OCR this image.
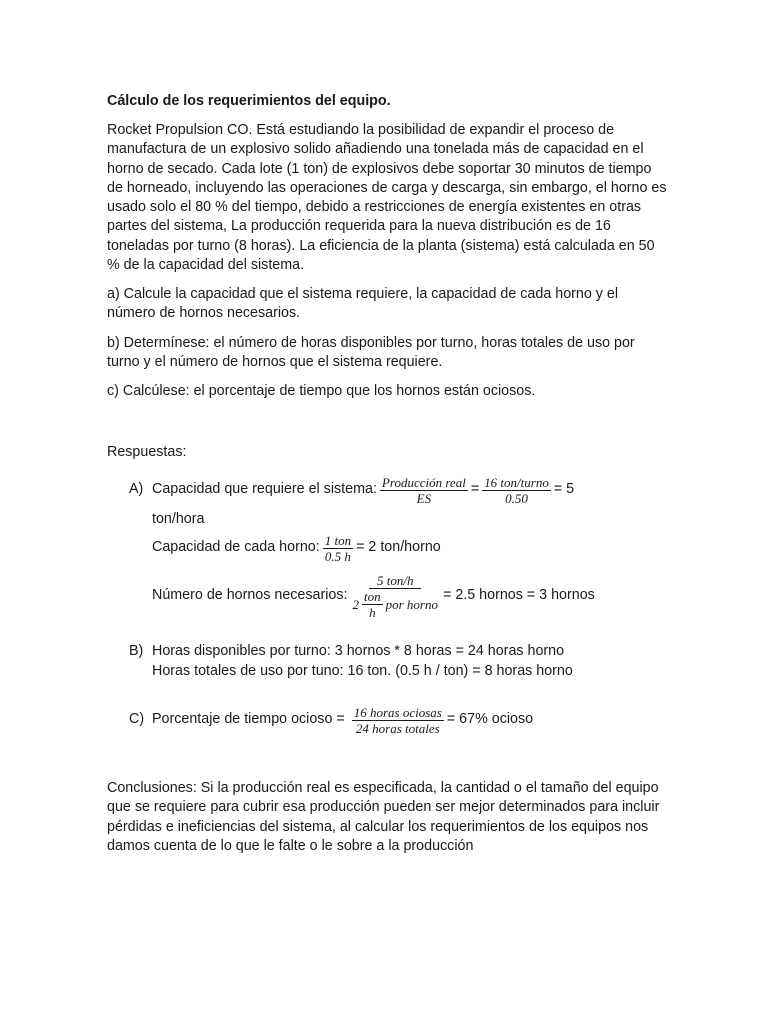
Cálculo de los requerimientos del equipo.

Rocket Propulsion CO. Está estudiando la posibilidad de expandir el proceso de manufactura de un explosivo solido añadiendo una tonelada más de capacidad en el horno de secado. Cada lote (1 ton) de explosivos debe soportar 30 minutos de tiempo de horneado, incluyendo las operaciones de carga y descarga, sin embargo, el horno es usado solo el 80 % del tiempo, debido a restricciones de energía existentes en otras partes del sistema, La producción requerida para la nueva distribución es de 16 toneladas por turno (8 horas). La eficiencia de la planta (sistema) está calculada en 50 % de la capacidad del sistema.

a) Calcule la capacidad que el sistema requiere, la capacidad de cada horno y el número de hornos necesarios.

b) Determínese: el número de horas disponibles por turno, horas totales de uso por turno y el número de hornos que el sistema requiere.

c) Calcúlese: el porcentaje de tiempo que los hornos están ociosos.

Respuestas:

A) Capacidad que requiere el sistema: $\frac{\text{Producción real}}{ES} = \frac{\text{16 ton/turno}}{0.50} = 5$
ton/hora
Capacidad de cada horno: $\frac{\text{1 ton}}{0.5 h} = 2$ ton/horno
Número de hornos necesarios:
5 ton/h
$2 \frac{\text{ton}}{h}$ por horno
= 2.5 hornos = 3 hornos
B) Horas disponibles por turno: 3 hornos * 8 horas = 24 horas horno
Horas totales de uso por tuno: 16 ton. (0.5 h / ton) = 8 horas horno
C) Porcentaje de tiempo ocioso = $\frac{\text{16 horas ociosas}}{\text{24 horas totales}} = 67\%$ ocioso

Conclusiones: Si la producción real es especificada, la cantidad o el tamaño del equipo que se requiere para cubrir esa producción pueden ser mejor determinados para incluir pérdidas e ineficiencias del sistema, al calcular los requerimientos de los equipos nos damos cuenta de lo que le falte o le sobre a la producción
